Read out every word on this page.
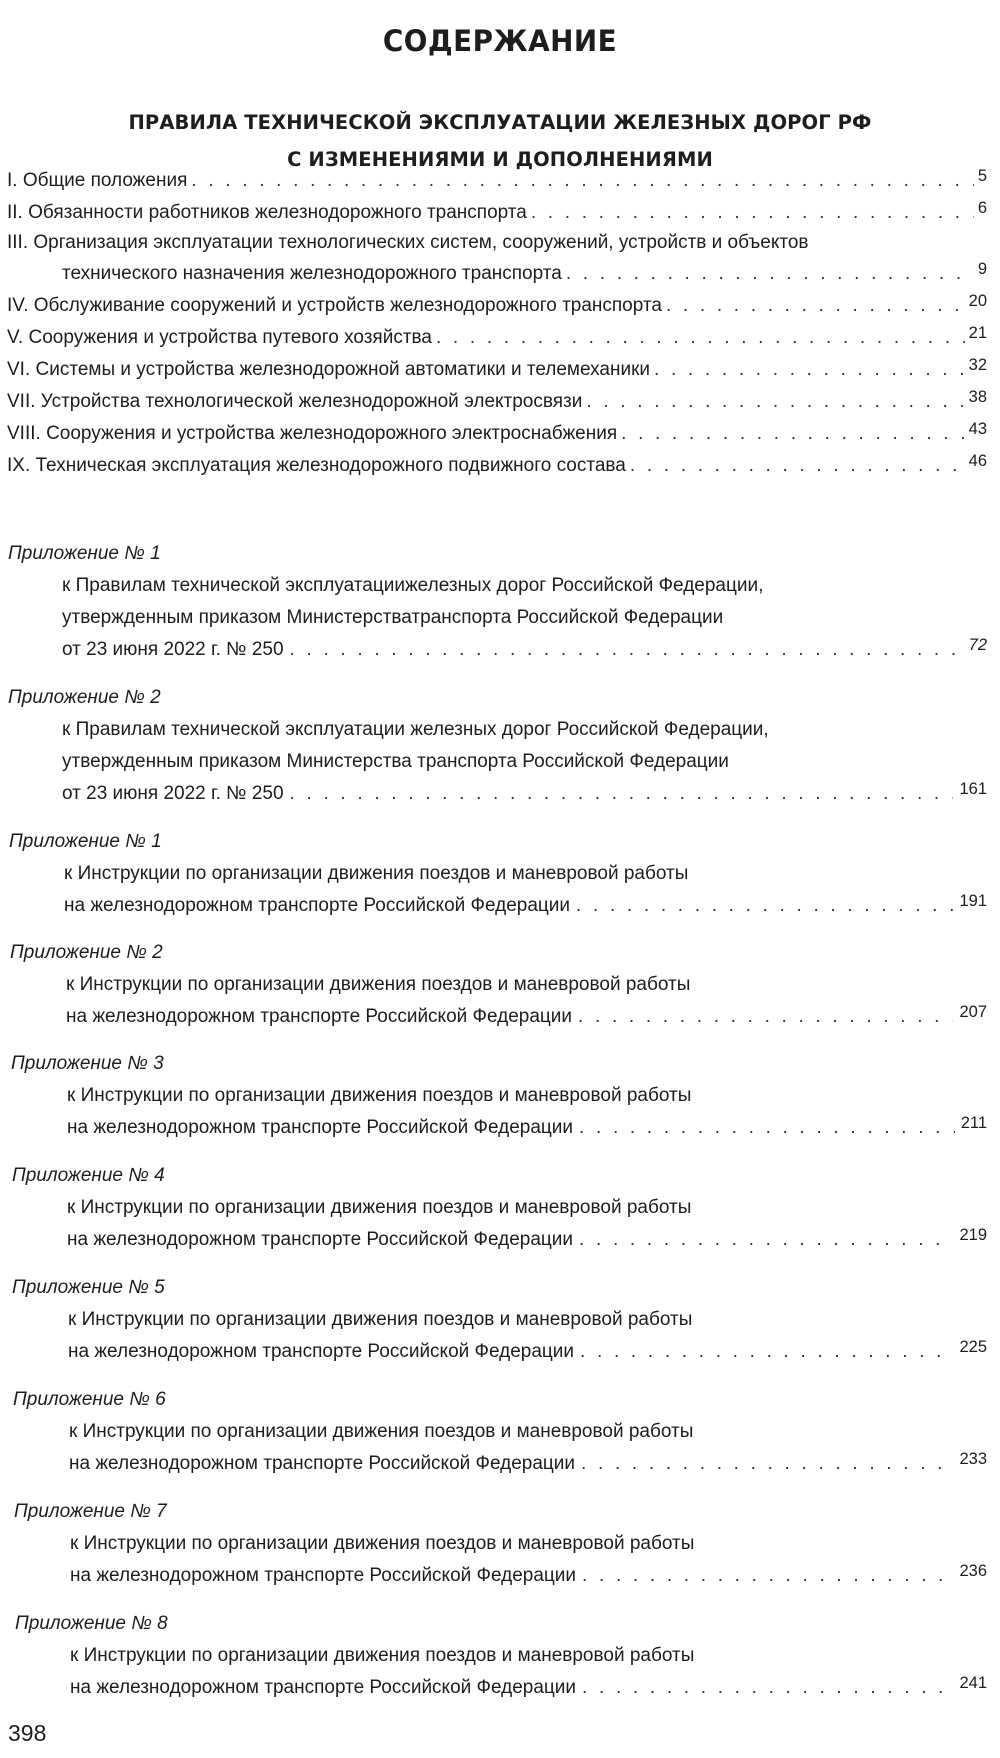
СОДЕРЖАНИЕ
ПРАВИЛА ТЕХНИЧЕСКОЙ ЭКСПЛУАТАЦИИ ЖЕЛЕЗНЫХ ДОРОГ РФ
С ИЗМЕНЕНИЯМИ И ДОПОЛНЕНИЯМИ
I. Общие положения . . .	5
II. Обязанности работников железнодорожного транспорта . . .	6
III. Организация эксплуатации технологических систем, сооружений, устройств и объектов
технического назначения железнодорожного транспорта . . .	9
IV. Обслуживание сооружений и устройств железнодорожного транспорта . . .	20
V. Сооружения и устройства путевого хозяйства . . .	21
VI. Системы и устройства железнодорожной автоматики и телемеханики . . .	32
VII. Устройства технологической железнодорожной электросвязи . . .	38
VIII. Сооружения и устройства железнодорожного электроснабжения . . .	43
IX. Техническая эксплуатация железнодорожного подвижного состава . . .	46
Приложение № 1
к Правилам технической эксплуатациижелезных дорог Российской Федерации,
утвержденным приказом Министерстватранспорта Российской Федерации
от 23 июня 2022 г. № 250 . . .	72
Приложение № 2
к Правилам технической эксплуатации железных дорог Российской Федерации,
утвержденным приказом Министерства транспорта Российской Федерации
от 23 июня 2022 г. № 250 . . .	161
Приложение № 1
к Инструкции по организации движения поездов и маневровой работы
на железнодорожном транспорте Российской Федерации . . .	191
Приложение № 2
к Инструкции по организации движения поездов и маневровой работы
на железнодорожном транспорте Российской Федерации . . .	207
Приложение № 3
к Инструкции по организации движения поездов и маневровой работы
на железнодорожном транспорте Российской Федерации . . .	211
Приложение № 4
к Инструкции по организации движения поездов и маневровой работы
на железнодорожном транспорте Российской Федерации . . .	219
Приложение № 5
к Инструкции по организации движения поездов и маневровой работы
на железнодорожном транспорте Российской Федерации . . .	225
Приложение № 6
к Инструкции по организации движения поездов и маневровой работы
на железнодорожном транспорте Российской Федерации . . .	233
Приложение № 7
к Инструкции по организации движения поездов и маневровой работы
на железнодорожном транспорте Российской Федерации . . .	236
Приложение № 8
к Инструкции по организации движения поездов и маневровой работы
на железнодорожном транспорте Российской Федерации . . .	241
398
